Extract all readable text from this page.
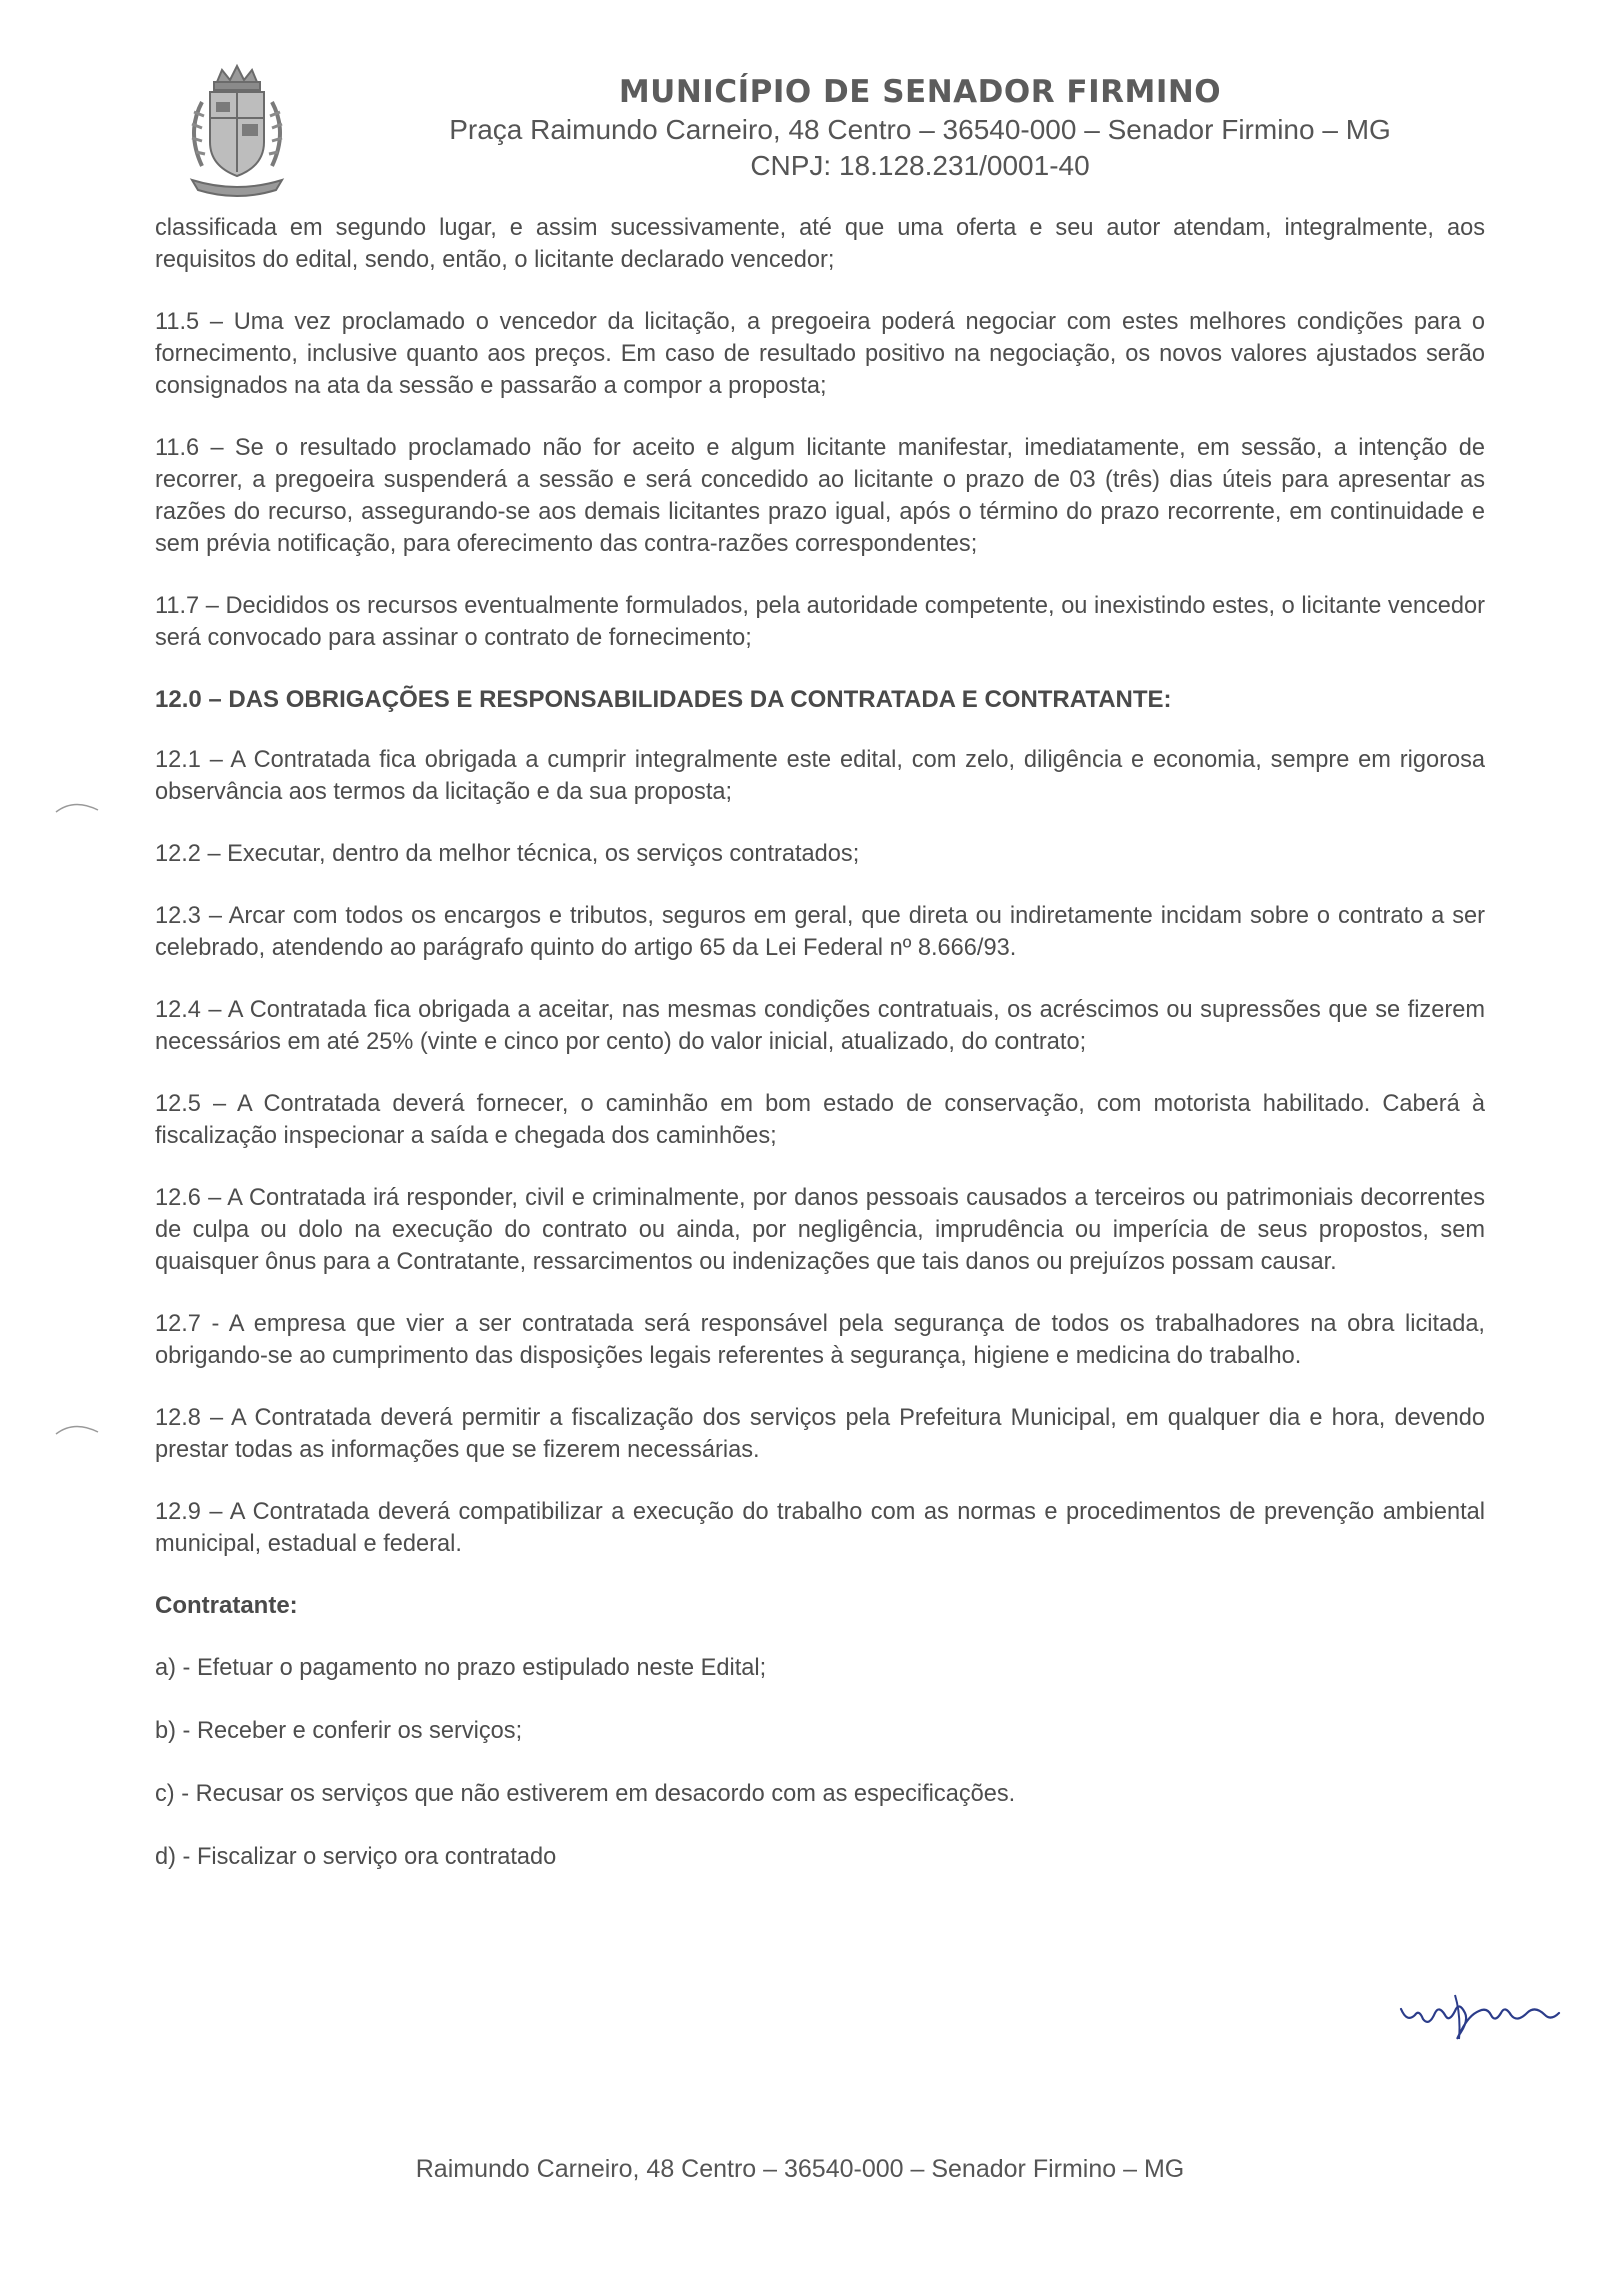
MUNICÍPIO DE SENADOR FIRMINO
Praça Raimundo Carneiro, 48 Centro – 36540-000 – Senador Firmino – MG
CNPJ: 18.128.231/0001-40

classificada em segundo lugar, e assim sucessivamente, até que uma oferta e seu autor atendam, integralmente, aos requisitos do edital, sendo, então, o licitante declarado vencedor;

11.5 – Uma vez proclamado o vencedor da licitação, a pregoeira poderá negociar com estes melhores condições para o fornecimento, inclusive quanto aos preços. Em caso de resultado positivo na negociação, os novos valores ajustados serão consignados na ata da sessão e passarão a compor a proposta;

11.6 – Se o resultado proclamado não for aceito e algum licitante manifestar, imediatamente, em sessão, a intenção de recorrer, a pregoeira suspenderá a sessão e será concedido ao licitante o prazo de 03 (três) dias úteis para apresentar as razões do recurso, assegurando-se aos demais licitantes prazo igual, após o término do prazo recorrente, em continuidade e sem prévia notificação, para oferecimento das contra-razões correspondentes;

11.7 – Decididos os recursos eventualmente formulados, pela autoridade competente, ou inexistindo estes, o licitante vencedor será convocado para assinar o contrato de fornecimento;

12.0 – DAS OBRIGAÇÕES E RESPONSABILIDADES DA CONTRATADA E CONTRATANTE:

12.1 – A Contratada fica obrigada a cumprir integralmente este edital, com zelo, diligência e economia, sempre em rigorosa observância aos termos da licitação e da sua proposta;

12.2 – Executar, dentro da melhor técnica, os serviços contratados;

12.3 – Arcar com todos os encargos e tributos, seguros em geral, que direta ou indiretamente incidam sobre o contrato a ser celebrado, atendendo ao parágrafo quinto do artigo 65 da Lei Federal nº 8.666/93.

12.4 – A Contratada fica obrigada a aceitar, nas mesmas condições contratuais, os acréscimos ou supressões que se fizerem necessários em até 25% (vinte e cinco por cento) do valor inicial, atualizado, do contrato;

12.5 – A Contratada deverá fornecer, o caminhão em bom estado de conservação, com motorista habilitado. Caberá à fiscalização inspecionar a saída e chegada dos caminhões;

12.6 – A Contratada irá responder, civil e criminalmente, por danos pessoais causados a terceiros ou patrimoniais decorrentes de culpa ou dolo na execução do contrato ou ainda, por negligência, imprudência ou imperícia de seus propostos, sem quaisquer ônus para a Contratante, ressarcimentos ou indenizações que tais danos ou prejuízos possam causar.

12.7 - A empresa que vier a ser contratada será responsável pela segurança de todos os trabalhadores na obra licitada, obrigando-se ao cumprimento das disposições legais referentes à segurança, higiene e medicina do trabalho.

12.8 – A Contratada deverá permitir a fiscalização dos serviços pela Prefeitura Municipal, em qualquer dia e hora, devendo prestar todas as informações que se fizerem necessárias.

12.9 – A Contratada deverá compatibilizar a execução do trabalho com as normas e procedimentos de prevenção ambiental municipal, estadual e federal.

Contratante:
a) - Efetuar o pagamento no prazo estipulado neste Edital;
b) - Receber e conferir os serviços;
c) - Recusar os serviços que não estiverem em desacordo com as especificações.
d) - Fiscalizar o serviço ora contratado
Raimundo Carneiro, 48 Centro – 36540-000 – Senador Firmino – MG
